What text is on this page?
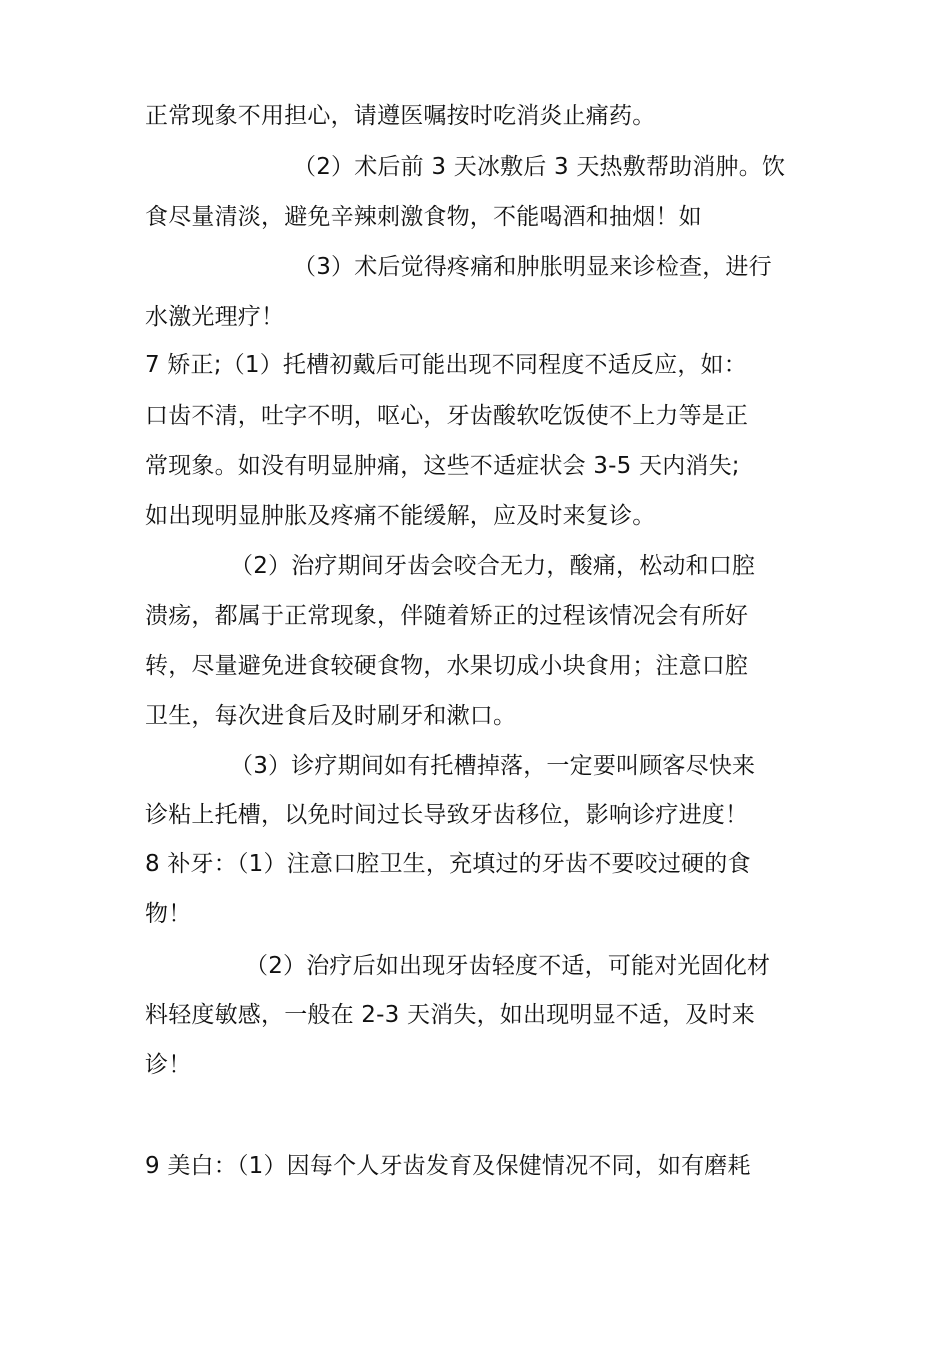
正常现象不用担心，请遵医嘱按时吃消炎止痛药。
（2）术后前 3 天冰敷后 3 天热敷帮助消肿。饮
食尽量清淡，避免辛辣刺激食物，不能喝酒和抽烟！如
（3）术后觉得疼痛和肿胀明显来诊检查，进行
水激光理疗！
7 矫正;（1）托槽初戴后可能出现不同程度不适反应，如：
口齿不清，吐字不明，呕心，牙齿酸软吃饭使不上力等是正
常现象。如没有明显肿痛，这些不适症状会 3-5 天内消失;
如出现明显肿胀及疼痛不能缓解，应及时来复诊。
（2）治疗期间牙齿会咬合无力，酸痛，松动和口腔
溃疡，都属于正常现象，伴随着矫正的过程该情况会有所好
转，尽量避免进食较硬食物，水果切成小块食用；注意口腔
卫生，每次进食后及时刷牙和漱口。
（3）诊疗期间如有托槽掉落，一定要叫顾客尽快来
诊粘上托槽，以免时间过长导致牙齿移位，影响诊疗进度！
8 补牙：（1）注意口腔卫生，充填过的牙齿不要咬过硬的食
物！
（2）治疗后如出现牙齿轻度不适，可能对光固化材
料轻度敏感，一般在 2-3 天消失，如出现明显不适，及时来
诊！
9 美白：（1）因每个人牙齿发育及保健情况不同，如有磨耗
